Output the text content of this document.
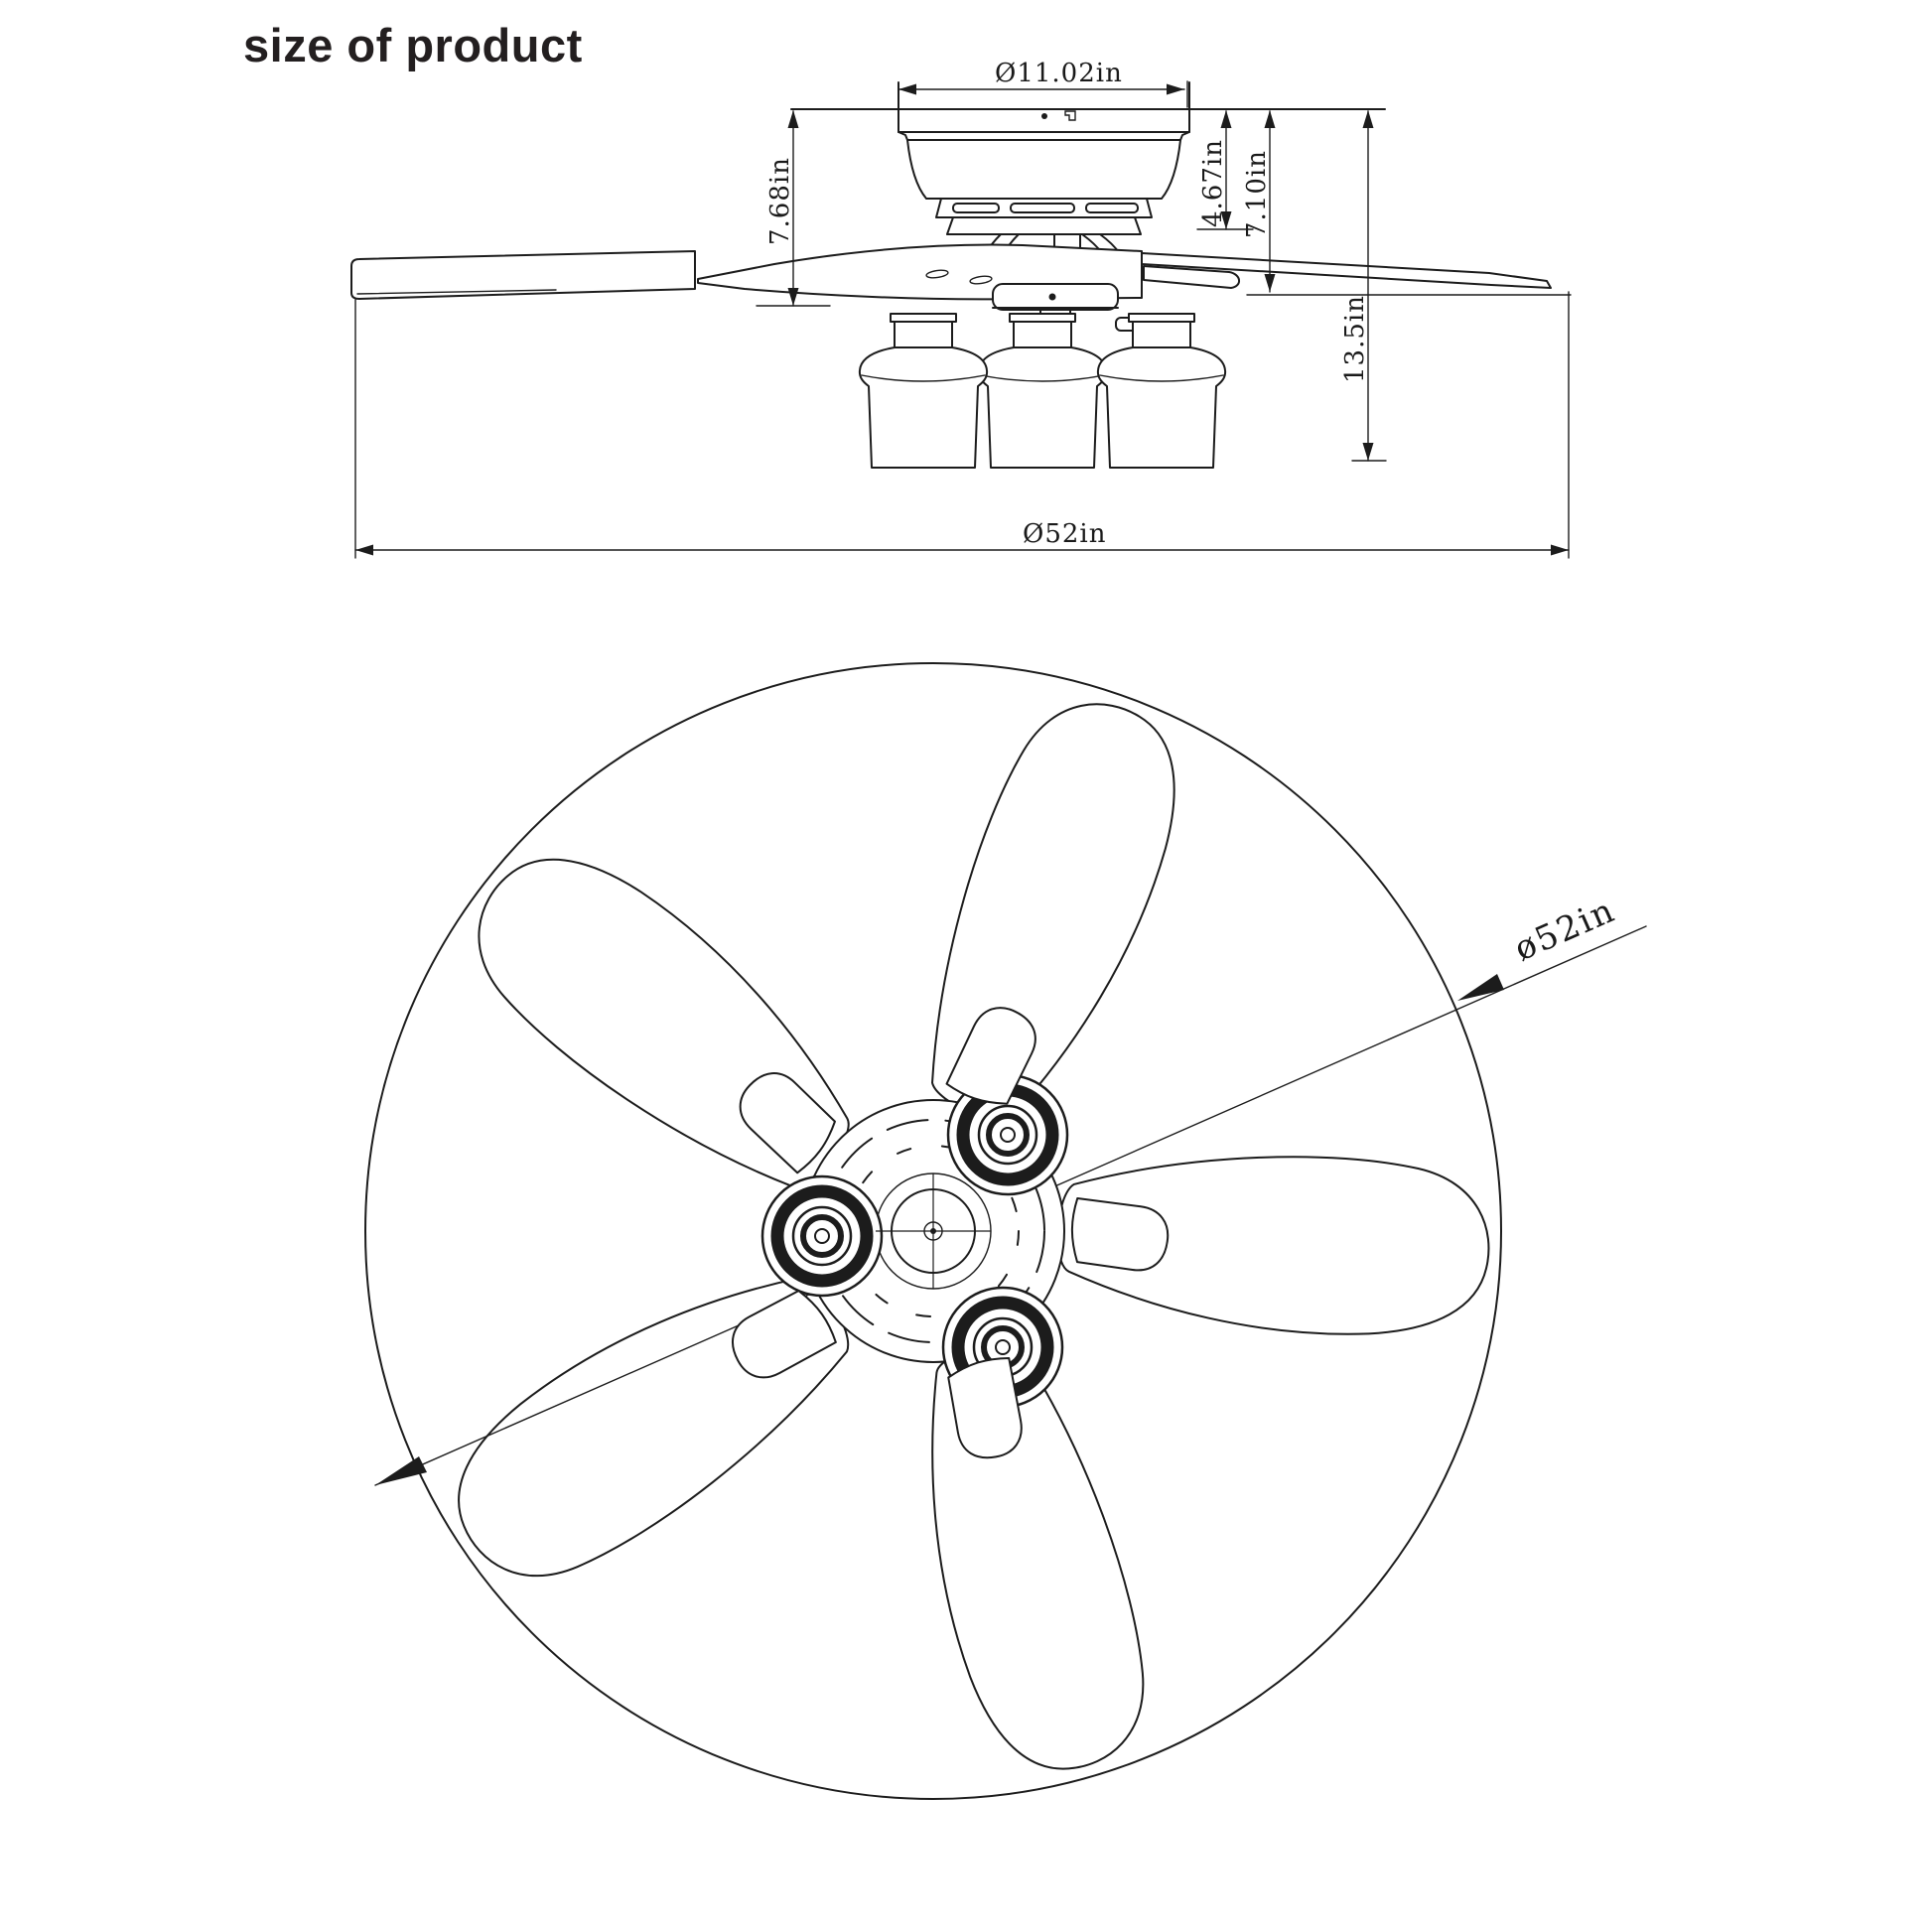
size of product
Ø11.02in
7.68in	4.67in 7.10in
13.5in
Ø52in
ø52in
